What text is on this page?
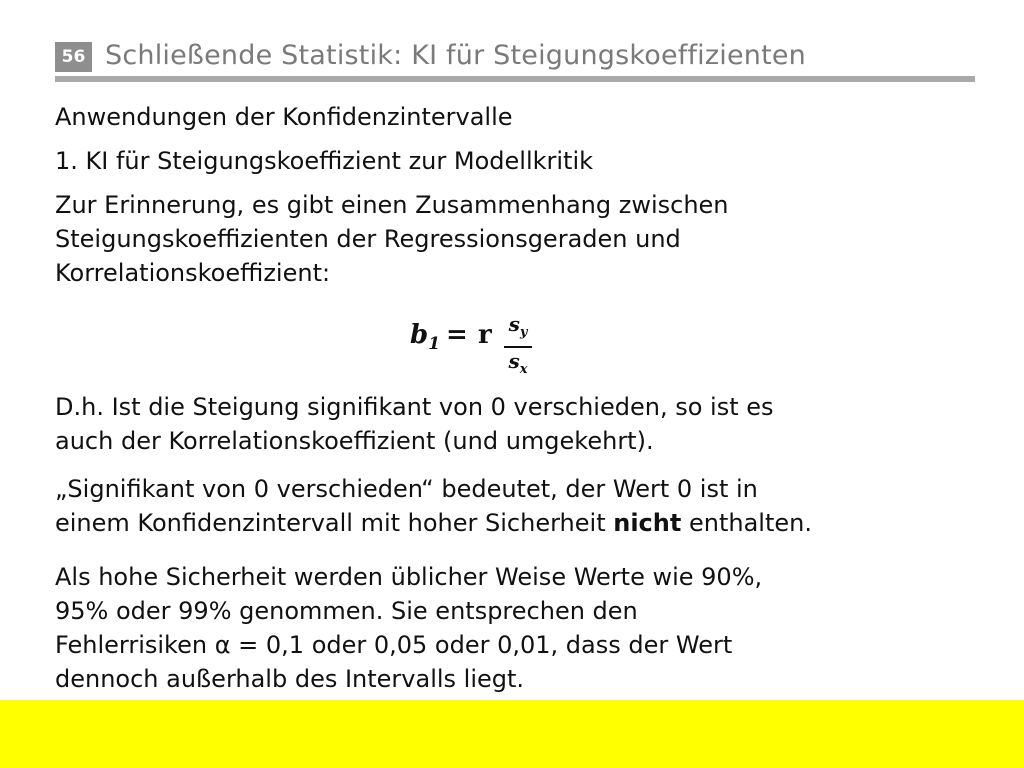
56 Schließende Statistik: KI für Steigungskoeffizienten
Anwendungen der Konfidenzintervalle
1. KI für Steigungskoeffizient zur Modellkritik
Zur Erinnerung, es gibt einen Zusammenhang zwischen
Steigungskoeffizienten der Regressionsgeraden und
Korrelationskoeffizient:
$b_1 = r$ $s_y$
$s_x$
D.h. Ist die Steigung signifikant von 0 verschieden, so ist es
auch der Korrelationskoeffizient (und umgekehrt).
„Signifikant von 0 verschieden“ bedeutet, der Wert 0 ist in
einem Konfidenzintervall mit hoher Sicherheit nicht enthalten.
Als hohe Sicherheit werden üblicher Weise Werte wie 90%,
95% oder 99% genommen. Sie entsprechen den
Fehlerrisiken α = 0,1 oder 0,05 oder 0,01, dass der Wert
dennoch außerhalb des Intervalls liegt.
